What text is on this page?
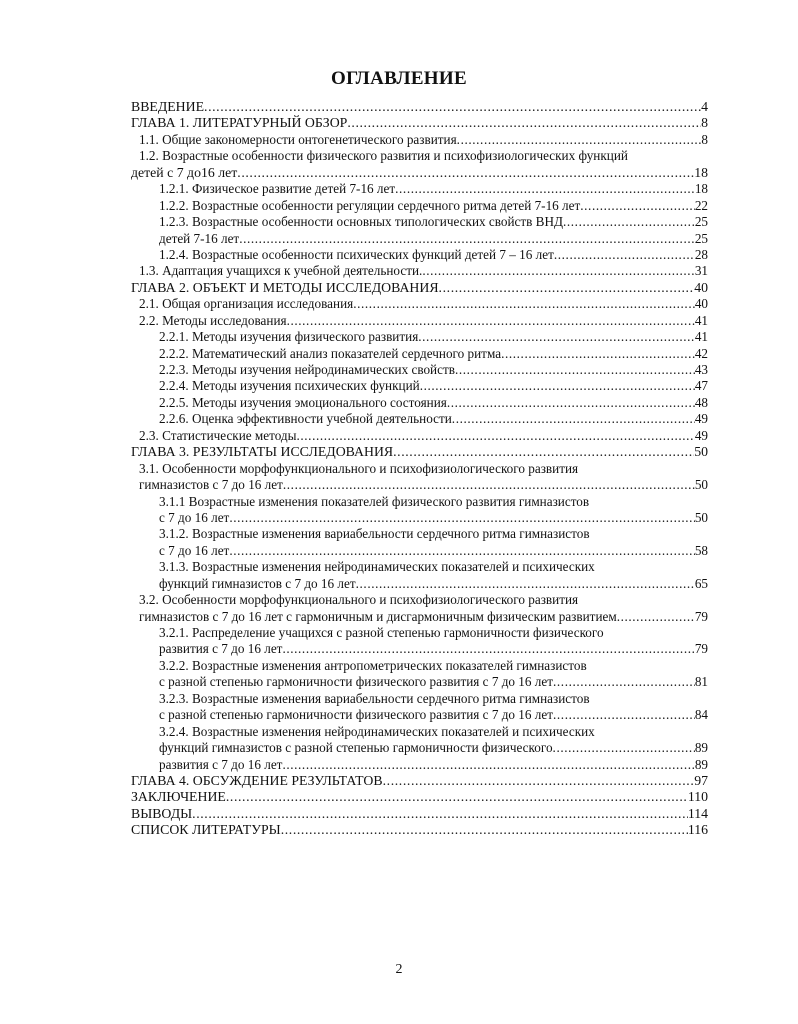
ОГЛАВЛЕНИЕ
ВВЕДЕНИЕ .....	4
ГЛАВА 1. ЛИТЕРАТУРНЫЙ ОБЗОР .....	8
1.1. Общие закономерности онтогенетического развития .....	8
1.2. Возрастные особенности физического развития и психофизиологических функций
детей с 7 до16 лет .....	18
1.2.1. Физическое развитие детей 7-16 лет .....	18
1.2.2. Возрастные особенности регуляции сердечного ритма детей 7-16 лет .....	22
1.2.3. Возрастные особенности основных типологических свойств ВНД .....	25
детей 7-16 лет .....	25
1.2.4. Возрастные особенности психических функций детей 7 – 16 лет .....	28
1.3. Адаптация учащихся к учебной деятельности. .....	31
ГЛАВА 2. ОБЪЕКТ И МЕТОДЫ ИССЛЕДОВАНИЯ .....	40
2.1. Общая организация исследования .....	40
2.2. Методы исследования .....	41
2.2.1. Методы изучения физического развития .....	41
2.2.2. Математический анализ показателей сердечного ритма .....	42
2.2.3. Методы изучения нейродинамических свойств .....	43
2.2.4. Методы изучения психических функций .....	47
2.2.5. Методы изучения эмоционального состояния .....	48
2.2.6. Оценка эффективности учебной деятельности .....	49
2.3. Статистические методы .....	49
ГЛАВА 3. РЕЗУЛЬТАТЫ ИССЛЕДОВАНИЯ .....	50
3.1. Особенности морфофункционального и психофизиологического развития
гимназистов с 7 до 16 лет .....	50
3.1.1 Возрастные изменения показателей физического развития гимназистов
с 7 до 16 лет .....	50
3.1.2. Возрастные изменения вариабельности сердечного ритма гимназистов
с 7 до 16 лет .....	58
3.1.3. Возрастные изменения нейродинамических показателей и психических
функций гимназистов с 7 до 16 лет .....	65
3.2. Особенности морфофункционального и психофизиологического развития
гимназистов с 7 до 16 лет с гармоничным и дисгармоничным физическим развитием .....	79
3.2.1. Распределение учащихся с разной степенью гармоничности физического
развития с 7 до 16 лет .....	79
3.2.2. Возрастные изменения антропометрических показателей гимназистов
с разной степенью гармоничности физического развития с 7 до 16 лет .....	81
3.2.3. Возрастные изменения вариабельности сердечного ритма гимназистов
с разной степенью гармоничности физического развития с 7 до 16 лет .....	84
3.2.4. Возрастные изменения нейродинамических показателей и психических
функций гимназистов с разной степенью гармоничности физического .....	89
развития с 7 до 16 лет .....	89
ГЛАВА 4. ОБСУЖДЕНИЕ РЕЗУЛЬТАТОВ .....	97
ЗАКЛЮЧЕНИЕ .....	110
ВЫВОДЫ .....	114
СПИСОК ЛИТЕРАТУРЫ .....	116
2
